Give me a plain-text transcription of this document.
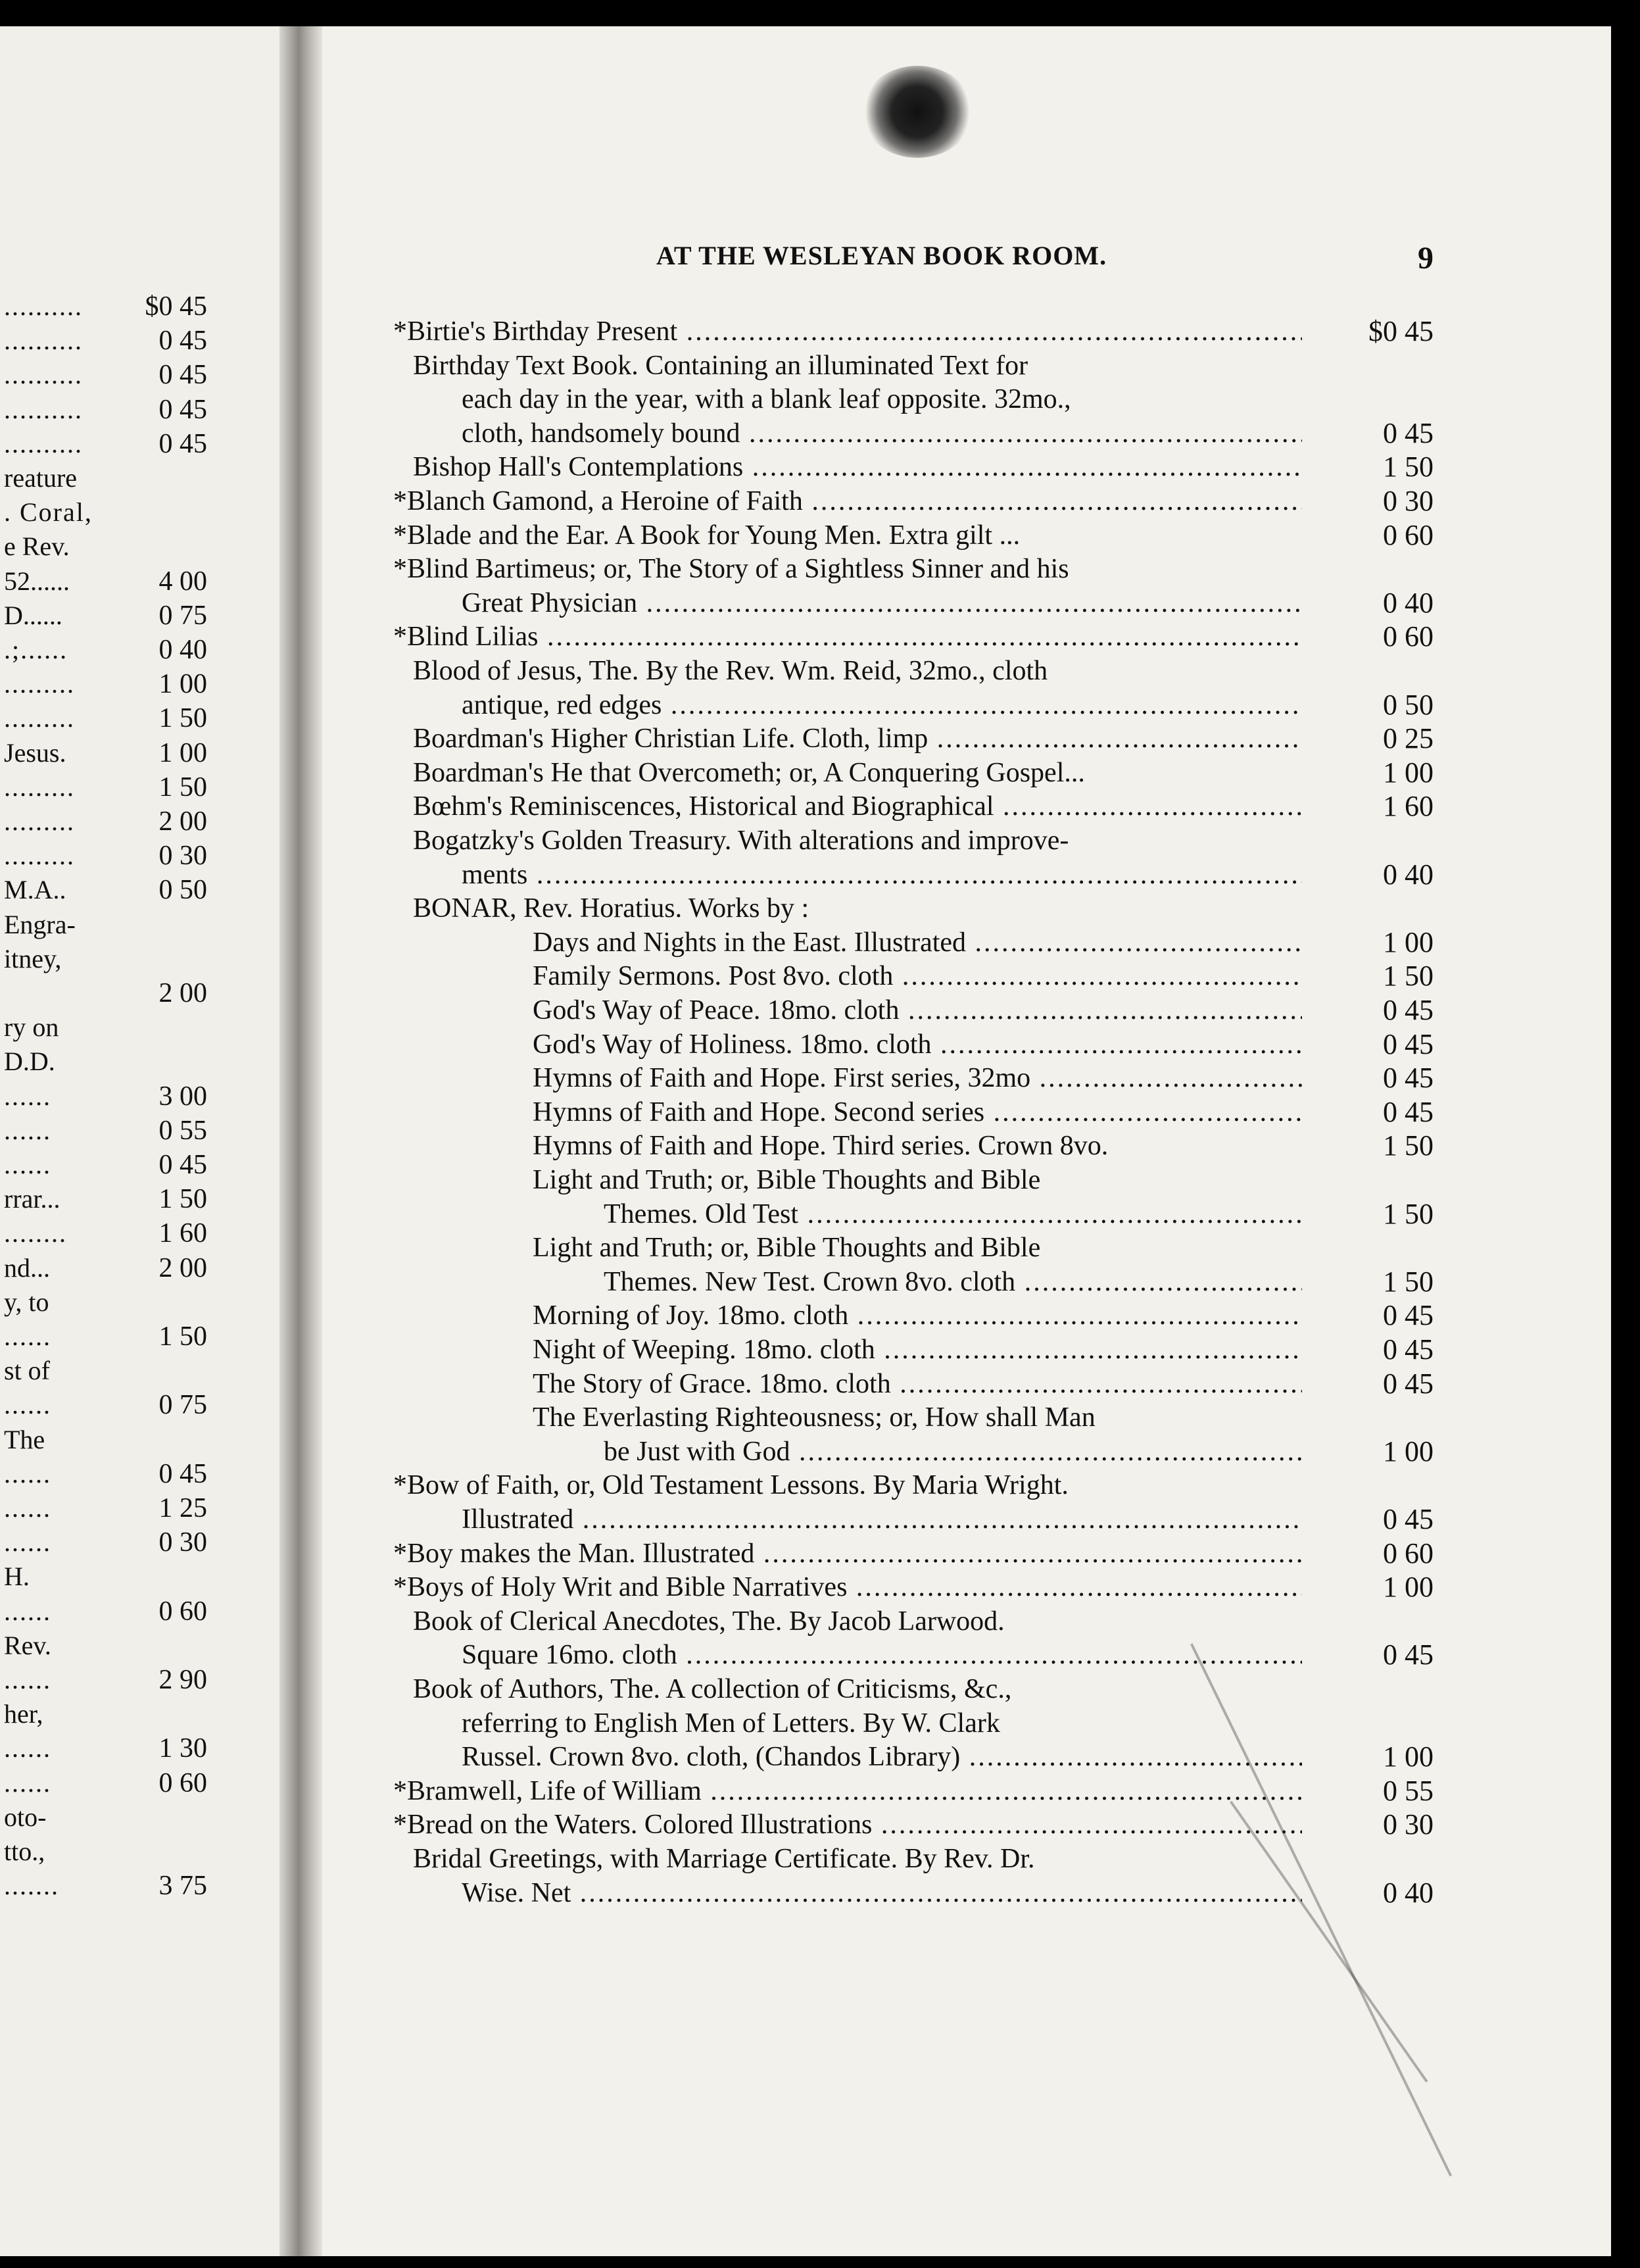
..........	$0 45
..........	0 45
..........	0 45
..........	0 45
..........	0 45
reature
. Coral,
e Rev.
52......	4 00
D......	0 75
.;......	0 40
.........	1 00
.........	1 50
Jesus.	1 00
.........	1 50
.........	2 00
.........	0 30
M.A..	0 50
Engra-
itney,
2 00
ry on
D.D.
......	3 00
......	0 55
......	0 45
rrar...	1 50
........	1 60
nd...	2 00
y, to
......	1 50
st of
......	0 75
The
......	0 45
......	1 25
......	0 30
H.
......	0 60
Rev.
......	2 90
her,
......	1 30
......	0 60
oto-
tto.,
.......	3 75
AT THE WESLEYAN BOOK ROOM.	9
*Birtie's Birthday Present .....	$0 45
Birthday Text Book. Containing an illuminated Text for
each day in the year, with a blank leaf opposite. 32mo.,
cloth, handsomely bound .....	0 45
Bishop Hall's Contemplations .....	1 50
*Blanch Gamond, a Heroine of Faith .....	0 30
*Blade and the Ear. A Book for Young Men. Extra gilt ...	0 60
*Blind Bartimeus; or, The Story of a Sightless Sinner and his
Great Physician .....	0 40
*Blind Lilias .....	0 60
Blood of Jesus, The. By the Rev. Wm. Reid, 32mo., cloth
antique, red edges .....	0 50
Boardman's Higher Christian Life. Cloth, limp .....	0 25
Boardman's He that Overcometh; or, A Conquering Gospel...	1 00
Bœhm's Reminiscences, Historical and Biographical .....	1 60
Bogatzky's Golden Treasury. With alterations and improve-
ments .....	0 40
BONAR, Rev. Horatius. Works by :
Days and Nights in the East. Illustrated .....	1 00
Family Sermons. Post 8vo. cloth .....	1 50
God's Way of Peace. 18mo. cloth .....	0 45
God's Way of Holiness. 18mo. cloth .....	0 45
Hymns of Faith and Hope. First series, 32mo .....	0 45
Hymns of Faith and Hope. Second series .....	0 45
Hymns of Faith and Hope. Third series. Crown 8vo.	1 50
Light and Truth; or, Bible Thoughts and Bible
Themes. Old Test .....	1 50
Light and Truth; or, Bible Thoughts and Bible
Themes. New Test. Crown 8vo. cloth .....	1 50
Morning of Joy. 18mo. cloth .....	0 45
Night of Weeping. 18mo. cloth .....	0 45
The Story of Grace. 18mo. cloth .....	0 45
The Everlasting Righteousness; or, How shall Man
be Just with God .....	1 00
*Bow of Faith, or, Old Testament Lessons. By Maria Wright.
Illustrated .....	0 45
*Boy makes the Man. Illustrated .....	0 60
*Boys of Holy Writ and Bible Narratives .....	1 00
Book of Clerical Anecdotes, The. By Jacob Larwood.
Square 16mo. cloth .....	0 45
Book of Authors, The. A collection of Criticisms, &c.,
referring to English Men of Letters. By W. Clark
Russel. Crown 8vo. cloth, (Chandos Library) .....	1 00
*Bramwell, Life of William .....	0 55
*Bread on the Waters. Colored Illustrations .....	0 30
Bridal Greetings, with Marriage Certificate. By Rev. Dr.
Wise. Net .....	0 40
